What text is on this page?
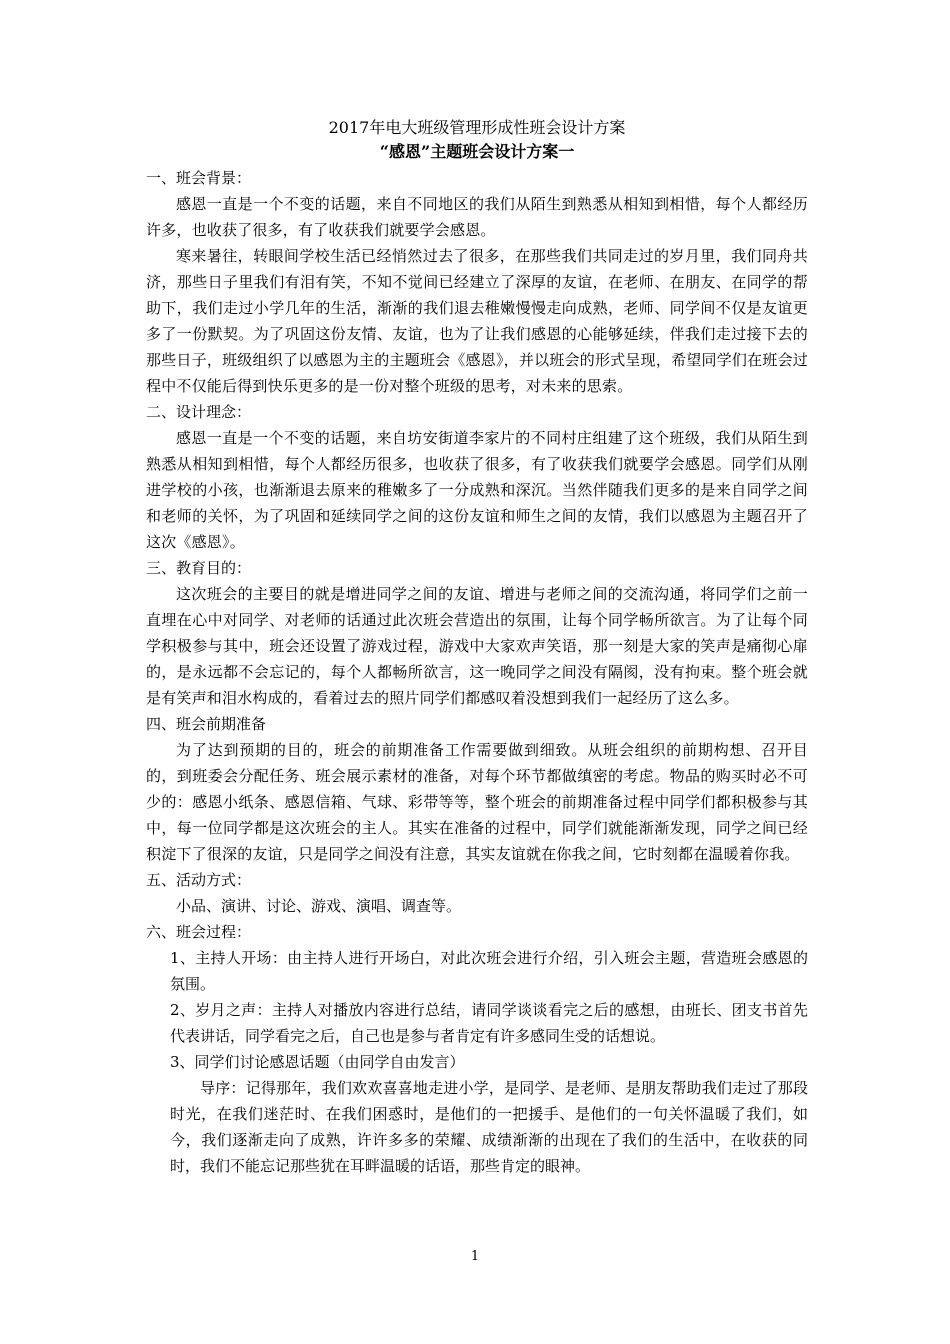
2017年电大班级管理形成性班会设计方案

“感恩”主题班会设计方案一

一、班会背景：

感恩一直是一个不变的话题，来自不同地区的我们从陌生到熟悉从相知到相惜，每个人都经历许多，也收获了很多，有了收获我们就要学会感恩。

寒来暑往，转眼间学校生活已经悄然过去了很多，在那些我们共同走过的岁月里，我们同舟共济，那些日子里我们有泪有笑，不知不觉间已经建立了深厚的友谊，在老师、在朋友、在同学的帮助下，我们走过小学几年的生活，渐渐的我们退去稚嫩慢慢走向成熟，老师、同学间不仅是友谊更多了一份默契。为了巩固这份友情、友谊，也为了让我们感恩的心能够延续，伴我们走过接下去的那些日子，班级组织了以感恩为主的主题班会《感恩》，并以班会的形式呈现，希望同学们在班会过程中不仅能后得到快乐更多的是一份对整个班级的思考，对未来的思索。

二、设计理念：

感恩一直是一个不变的话题，来自坊安街道李家片的不同村庄组建了这个班级，我们从陌生到熟悉从相知到相惜，每个人都经历很多，也收获了很多，有了收获我们就要学会感恩。同学们从刚进学校的小孩，也渐渐退去原来的稚嫩多了一分成熟和深沉。当然伴随我们更多的是来自同学之间和老师的关怀，为了巩固和延续同学之间的这份友谊和师生之间的友情，我们以感恩为主题召开了这次《感恩》。

三、教育目的：

这次班会的主要目的就是增进同学之间的友谊、增进与老师之间的交流沟通，将同学们之前一直埋在心中对同学、对老师的话通过此次班会营造出的氛围，让每个同学畅所欲言。为了让每个同学积极参与其中，班会还设置了游戏过程，游戏中大家欢声笑语，那一刻是大家的笑声是痛彻心扉的，是永远都不会忘记的，每个人都畅所欲言，这一晚同学之间没有隔阂，没有拘束。整个班会就是有笑声和泪水构成的，看着过去的照片同学们都感叹着没想到我们一起经历了这么多。

四、班会前期准备

为了达到预期的目的，班会的前期准备工作需要做到细致。从班会组织的前期构想、召开目的，到班委会分配任务、班会展示素材的准备，对每个环节都做缜密的考虑。物品的购买时必不可少的：感恩小纸条、感恩信箱、气球、彩带等等，整个班会的前期准备过程中同学们都积极参与其中，每一位同学都是这次班会的主人。其实在准备的过程中，同学们就能渐渐发现，同学之间已经积淀下了很深的友谊，只是同学之间没有注意，其实友谊就在你我之间，它时刻都在温暖着你我。

五、活动方式：

小品、演讲、讨论、游戏、演唱、调查等。

六、班会过程：

1、主持人开场：由主持人进行开场白，对此次班会进行介绍，引入班会主题，营造班会感恩的氛围。

2、岁月之声：主持人对播放内容进行总结，请同学谈谈看完之后的感想，由班长、团支书首先代表讲话，同学看完之后，自己也是参与者肯定有许多感同生受的话想说。

3、同学们讨论感恩话题（由同学自由发言）

导序：记得那年，我们欢欢喜喜地走进小学，是同学、是老师、是朋友帮助我们走过了那段时光，在我们迷茫时、在我们困惑时，是他们的一把援手、是他们的一句关怀温暖了我们，如今，我们逐渐走向了成熟，许许多多的荣耀、成绩渐渐的出现在了我们的生活中，在收获的同时，我们不能忘记那些犹在耳畔温暖的话语，那些肯定的眼神。

1
